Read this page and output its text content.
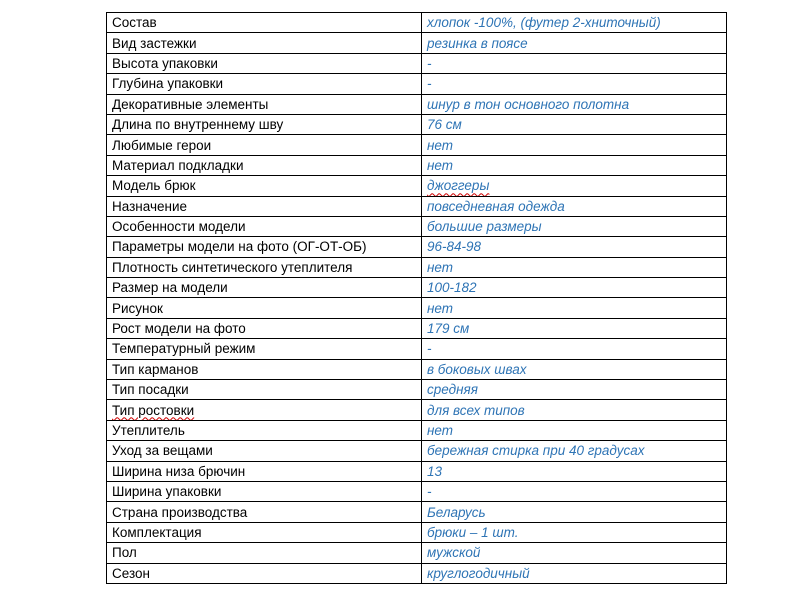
Состав	хлопок -100%, (футер 2-хниточный)
Вид застежки	резинка в поясе
Высота упаковки	-
Глубина упаковки	-
Декоративные элементы	шнур в тон основного полотна
Длина по внутреннему шву	76 см
Любимые герои	нет
Материал подкладки	нет
Модель брюк	джоггеры
Назначение	повседневная одежда
Особенности модели	большие размеры
Параметры модели на фото (ОГ-ОТ-ОБ)	96-84-98
Плотность синтетического утеплителя	нет
Размер на модели	100-182
Рисунок	нет
Рост модели на фото	179 см
Температурный режим	-
Тип карманов	в боковых швах
Тип посадки	средняя
Тип ростовки	для всех типов
Утеплитель	нет
Уход за вещами	бережная стирка при 40 градусах
Ширина низа брючин	13
Ширина упаковки	-
Страна производства	Беларусь
Комплектация	брюки – 1 шт.
Пол	мужской
Сезон	круглогодичный
